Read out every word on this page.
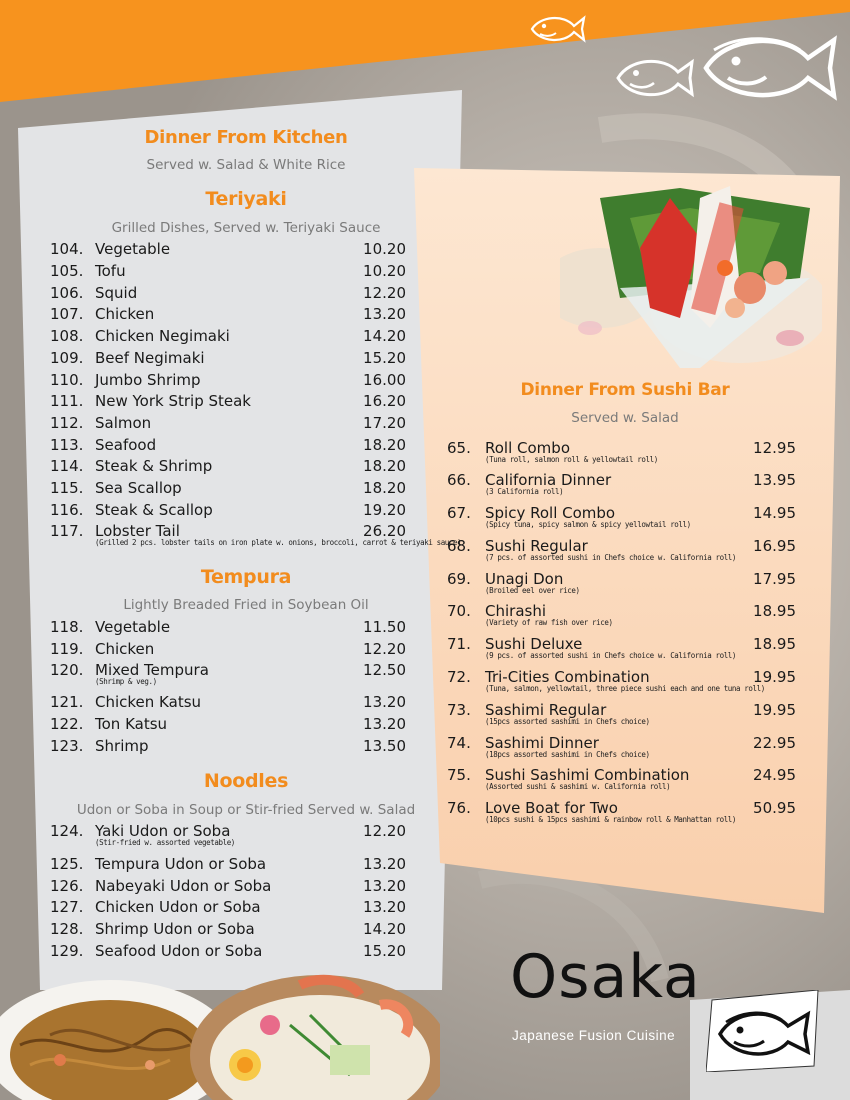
Dinner From Kitchen
Served w. Salad & White Rice
Teriyaki
Grilled Dishes, Served w. Teriyaki Sauce
Tempura
Lightly Breaded Fried in Soybean Oil
Noodles
Udon or Soba in Soup or Stir-fried Served w. Salad
104. Vegetable	10.20
105. Tofu	10.20
106. Squid	12.20
107. Chicken	13.20
108. Chicken Negimaki	14.20
109. Beef Negimaki	15.20
110. Jumbo Shrimp	16.00
111. New York Strip Steak	16.20
112. Salmon	17.20
113. Seafood	18.20
114. Steak & Shrimp	18.20
115. Sea Scallop	18.20
116. Steak & Scallop	19.20
117. Lobster Tail	26.20
(Grilled 2 pcs. lobster tails on iron plate w. onions, broccoli, carrot & teriyaki sauce)
118. Vegetable	11.50
119. Chicken	12.20
120. Mixed Tempura	12.50
(Shrimp & veg.)
121. Chicken Katsu	13.20
122. Ton Katsu	13.20
123. Shrimp	13.50
124. Yaki Udon or Soba	12.20
(Stir-fried w. assorted vegetable)
125. Tempura Udon or Soba	13.20
126. Nabeyaki Udon or Soba	13.20
127. Chicken Udon or Soba	13.20
128. Shrimp Udon or Soba	14.20
129. Seafood Udon or Soba	15.20
Dinner From Sushi Bar
Served w. Salad
65. Roll Combo	12.95
(Tuna roll, salmon roll & yellowtail roll)
66. California Dinner	13.95
(3 California roll)
67. Spicy Roll Combo	14.95
(Spicy tuna, spicy salmon & spicy yellowtail roll)
68. Sushi Regular	16.95
(7 pcs. of assorted sushi in Chefs choice w. California roll)
69. Unagi Don	17.95
(Broiled eel over rice)
70. Chirashi	18.95
(Variety of raw fish over rice)
71. Sushi Deluxe	18.95
(9 pcs. of assorted sushi in Chefs choice w. California roll)
72. Tri-Cities Combination	19.95
(Tuna, salmon, yellowtail, three piece sushi each and one tuna roll)
73. Sashimi Regular	19.95
(15pcs assorted sashimi in Chefs choice)
74. Sashimi Dinner	22.95
(18pcs assorted sashimi in Chefs choice)
75. Sushi Sashimi Combination	24.95
(Assorted sushi & sashimi w. California roll)
76. Love Boat for Two	50.95
(10pcs sushi & 15pcs sashimi & rainbow roll & Manhattan roll)
Osaka
Japanese Fusion Cuisine
